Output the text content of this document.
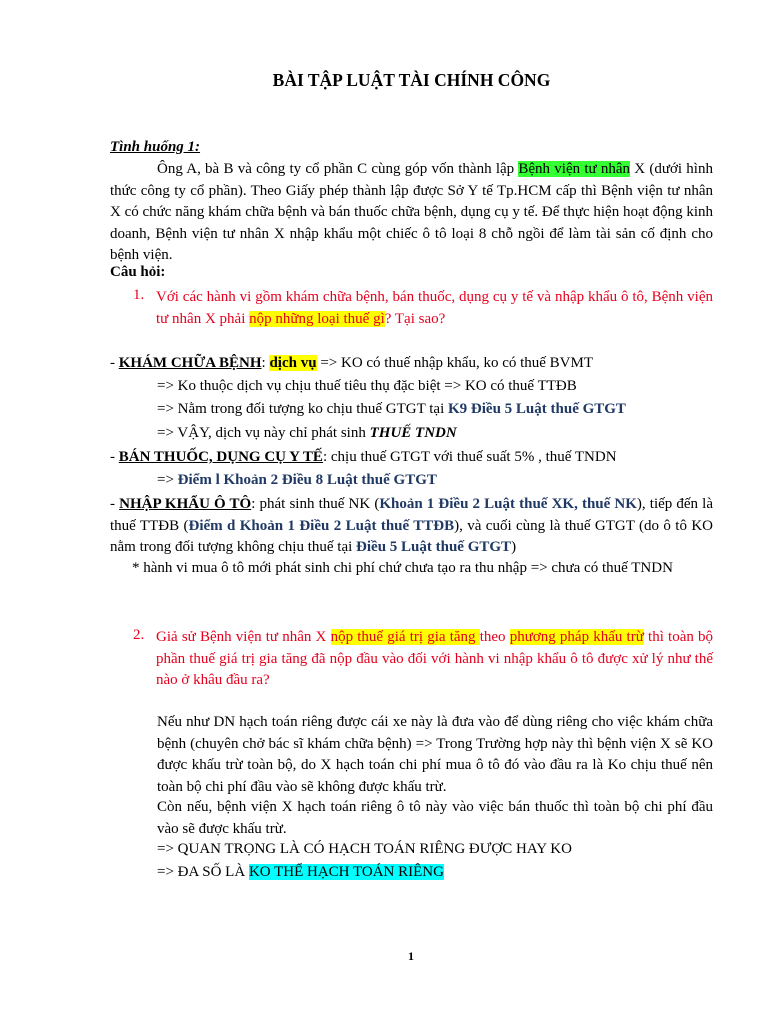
BÀI TẬP LUẬT TÀI CHÍNH CÔNG
Tình huống 1:
Ông A, bà B và công ty cổ phần C cùng góp vốn thành lập Bệnh viện tư nhân X (dưới hình thức công ty cổ phần). Theo Giấy phép thành lập được Sở Y tế Tp.HCM cấp thì Bệnh viện tư nhân X có chức năng khám chữa bệnh và bán thuốc chữa bệnh, dụng cụ y tế. Để thực hiện hoạt động kinh doanh, Bệnh viện tư nhân X nhập khẩu một chiếc ô tô loại 8 chỗ ngồi để làm tài sản cố định cho bệnh viện.
Câu hỏi:
1. Với các hành vi gồm khám chữa bệnh, bán thuốc, dụng cụ y tế và nhập khẩu ô tô, Bệnh viện tư nhân X phải nộp những loại thuế gì? Tại sao?
- KHÁM CHỮA BỆNH: dịch vụ => KO có thuế nhập khẩu, ko có thuế BVMT
=> Ko thuộc dịch vụ chịu thuế tiêu thụ đặc biệt => KO có thuế TTĐB
=> Nằm trong đối tượng ko chịu thuế GTGT tại K9 Điều 5 Luật thuế GTGT
=> VẬY, dịch vụ này chỉ phát sinh THUẾ TNDN
- BÁN THUỐC, DỤNG CỤ Y TẾ: chịu thuế GTGT với thuế suất 5% , thuế TNDN
=> Điểm l Khoản 2 Điều 8 Luật thuế GTGT
- NHẬP KHẨU Ô TÔ: phát sinh thuế NK (Khoản 1 Điều 2 Luật thuế XK, thuế NK), tiếp đến là thuế TTĐB (Điểm d Khoản 1 Điều 2 Luật thuế TTĐB), và cuối cùng là thuế GTGT (do ô tô KO nằm trong đối tượng không chịu thuế tại Điều 5 Luật thuế GTGT)
* hành vi mua ô tô mới phát sinh chi phí chứ chưa tạo ra thu nhập => chưa có thuế TNDN
2. Giả sử Bệnh viện tư nhân X nộp thuế giá trị gia tăng theo phương pháp khấu trừ thì toàn bộ phần thuế giá trị gia tăng đã nộp đầu vào đối với hành vi nhập khẩu ô tô được xử lý như thế nào ở khâu đầu ra?
Nếu như DN hạch toán riêng được cái xe này là đưa vào để dùng riêng cho việc khám chữa bệnh (chuyên chở bác sĩ khám chữa bệnh) => Trong Trường hợp này thì bệnh viện X sẽ KO được khấu trừ toàn bộ, do X hạch toán chi phí mua ô tô đó vào đầu ra là Ko chịu thuế nên toàn bộ chi phí đầu vào sẽ không được khấu trừ.
Còn nếu, bệnh viện X hạch toán riêng ô tô này vào việc bán thuốc thì toàn bộ chi phí đầu vào sẽ được khấu trừ.
=> QUAN TRỌNG LÀ CÓ HẠCH TOÁN RIÊNG ĐƯỢC HAY KO
=> ĐA SỐ LÀ KO THỂ HẠCH TOÁN RIÊNG
1
